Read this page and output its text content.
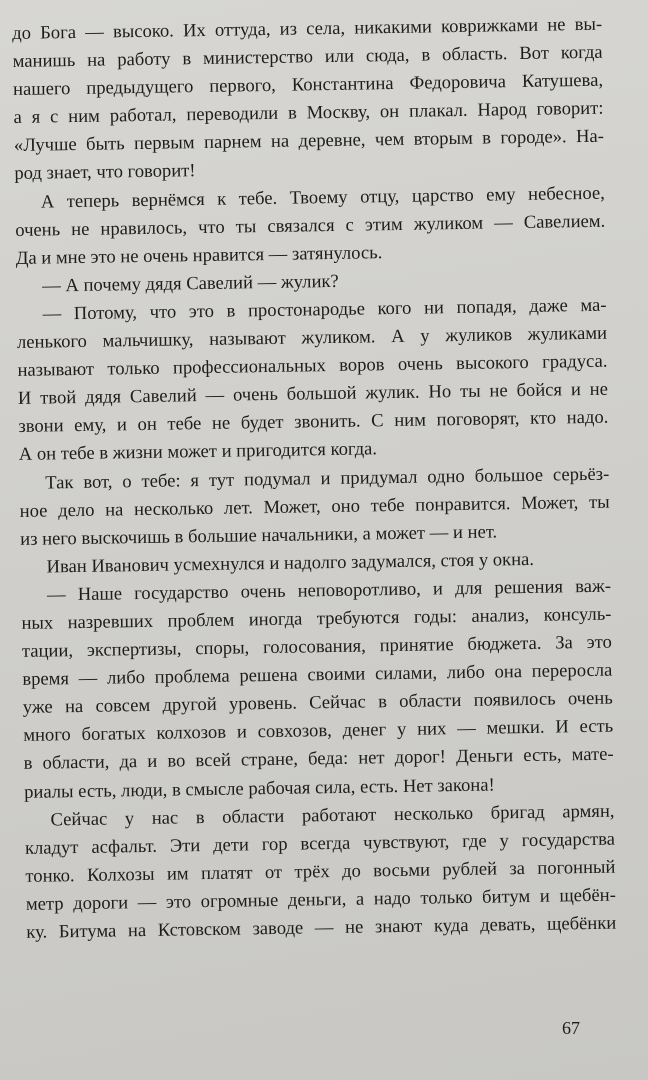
до Бога — высоко. Их оттуда, из села, никакими коврижками не вы-
манишь на работу в министерство или сюда, в область. Вот когда
нашего предыдущего первого, Константина Федоровича Катушева,
а я с ним работал, переводили в Москву, он плакал. Народ говорит:
«Лучше быть первым парнем на деревне, чем вторым в городе». На-
род знает, что говорит!
А теперь вернёмся к тебе. Твоему отцу, царство ему небесное,
очень не нравилось, что ты связался с этим жуликом — Савелием.
Да и мне это не очень нравится — затянулось.
— А почему дядя Савелий — жулик?
— Потому, что это в простонародье кого ни попадя, даже ма-
ленького мальчишку, называют жуликом. А у жуликов жуликами
называют только профессиональных воров очень высокого градуса.
И твой дядя Савелий — очень большой жулик. Но ты не бойся и не
звони ему, и он тебе не будет звонить. С ним поговорят, кто надо.
А он тебе в жизни может и пригодится когда.
Так вот, о тебе: я тут подумал и придумал одно большое серьёз-
ное дело на несколько лет. Может, оно тебе понравится. Может, ты
из него выскочишь в большие начальники, а может — и нет.
Иван Иванович усмехнулся и надолго задумался, стоя у окна.
— Наше государство очень неповоротливо, и для решения важ-
ных назревших проблем иногда требуются годы: анализ, консуль-
тации, экспертизы, споры, голосования, принятие бюджета. За это
время — либо проблема решена своими силами, либо она переросла
уже на совсем другой уровень. Сейчас в области появилось очень
много богатых колхозов и совхозов, денег у них — мешки. И есть
в области, да и во всей стране, беда: нет дорог! Деньги есть, мате-
риалы есть, люди, в смысле рабочая сила, есть. Нет закона!
Сейчас у нас в области работают несколько бригад армян,
кладут асфальт. Эти дети гор всегда чувствуют, где у государства
тонко. Колхозы им платят от трёх до восьми рублей за погонный
метр дороги — это огромные деньги, а надо только битум и щебён-
ку. Битума на Кстовском заводе — не знают куда девать, щебёнки
67
